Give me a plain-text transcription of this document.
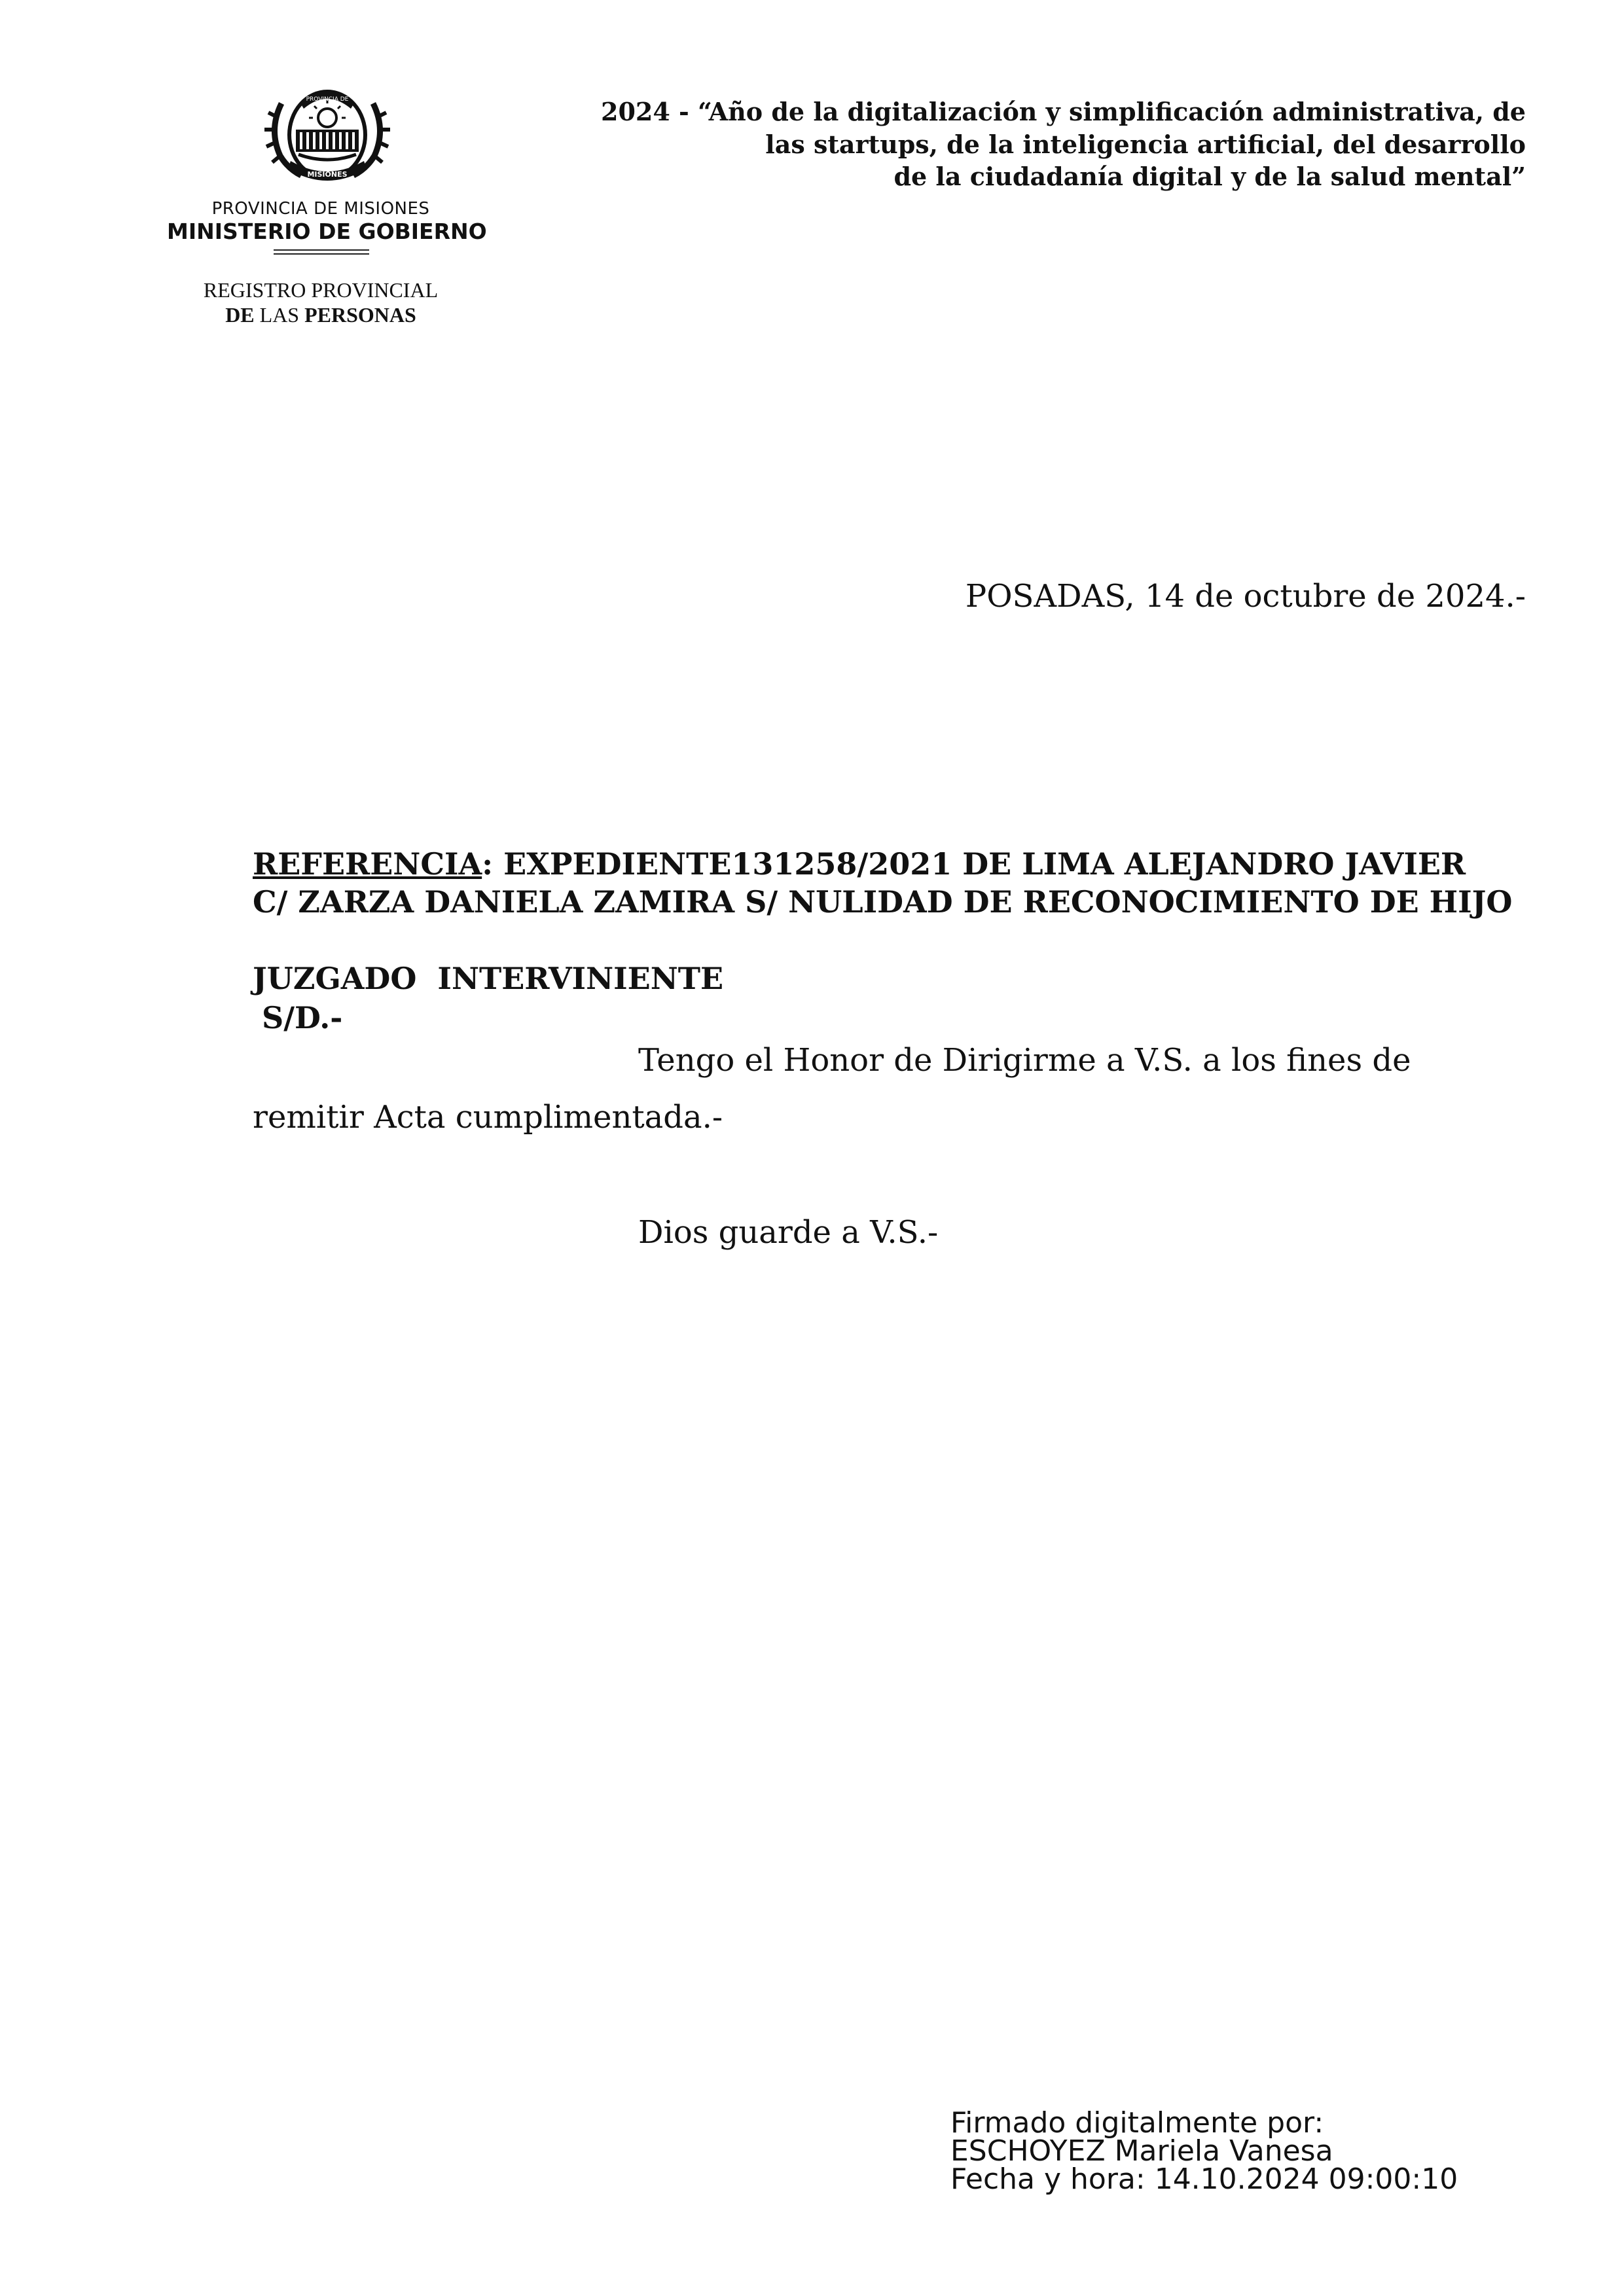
PROVINCIA DE
MISIONES
PROVINCIA DE MISIONES
MINISTERIO DE GOBIERNO
REGISTRO PROVINCIAL
DE LAS PERSONAS
2024 - “Año de la digitalización y simplificación administrativa, de
las startups, de la inteligencia artificial, del desarrollo
de la ciudadanía digital y de la salud mental”
POSADAS, 14 de octubre de 2024.-
REFERENCIA: EXPEDIENTE131258/2021 DE LIMA ALEJANDRO JAVIER
C/ ZARZA DANIELA ZAMIRA S/ NULIDAD DE RECONOCIMIENTO DE HIJO
JUZGADO  INTERVINIENTE
S/D.-
Tengo el Honor de Dirigirme a V.S. a los fines de
remitir Acta cumplimentada.-
Dios guarde a V.S.-
Firmado digitalmente por:
ESCHOYEZ Mariela Vanesa
Fecha y hora: 14.10.2024 09:00:10
